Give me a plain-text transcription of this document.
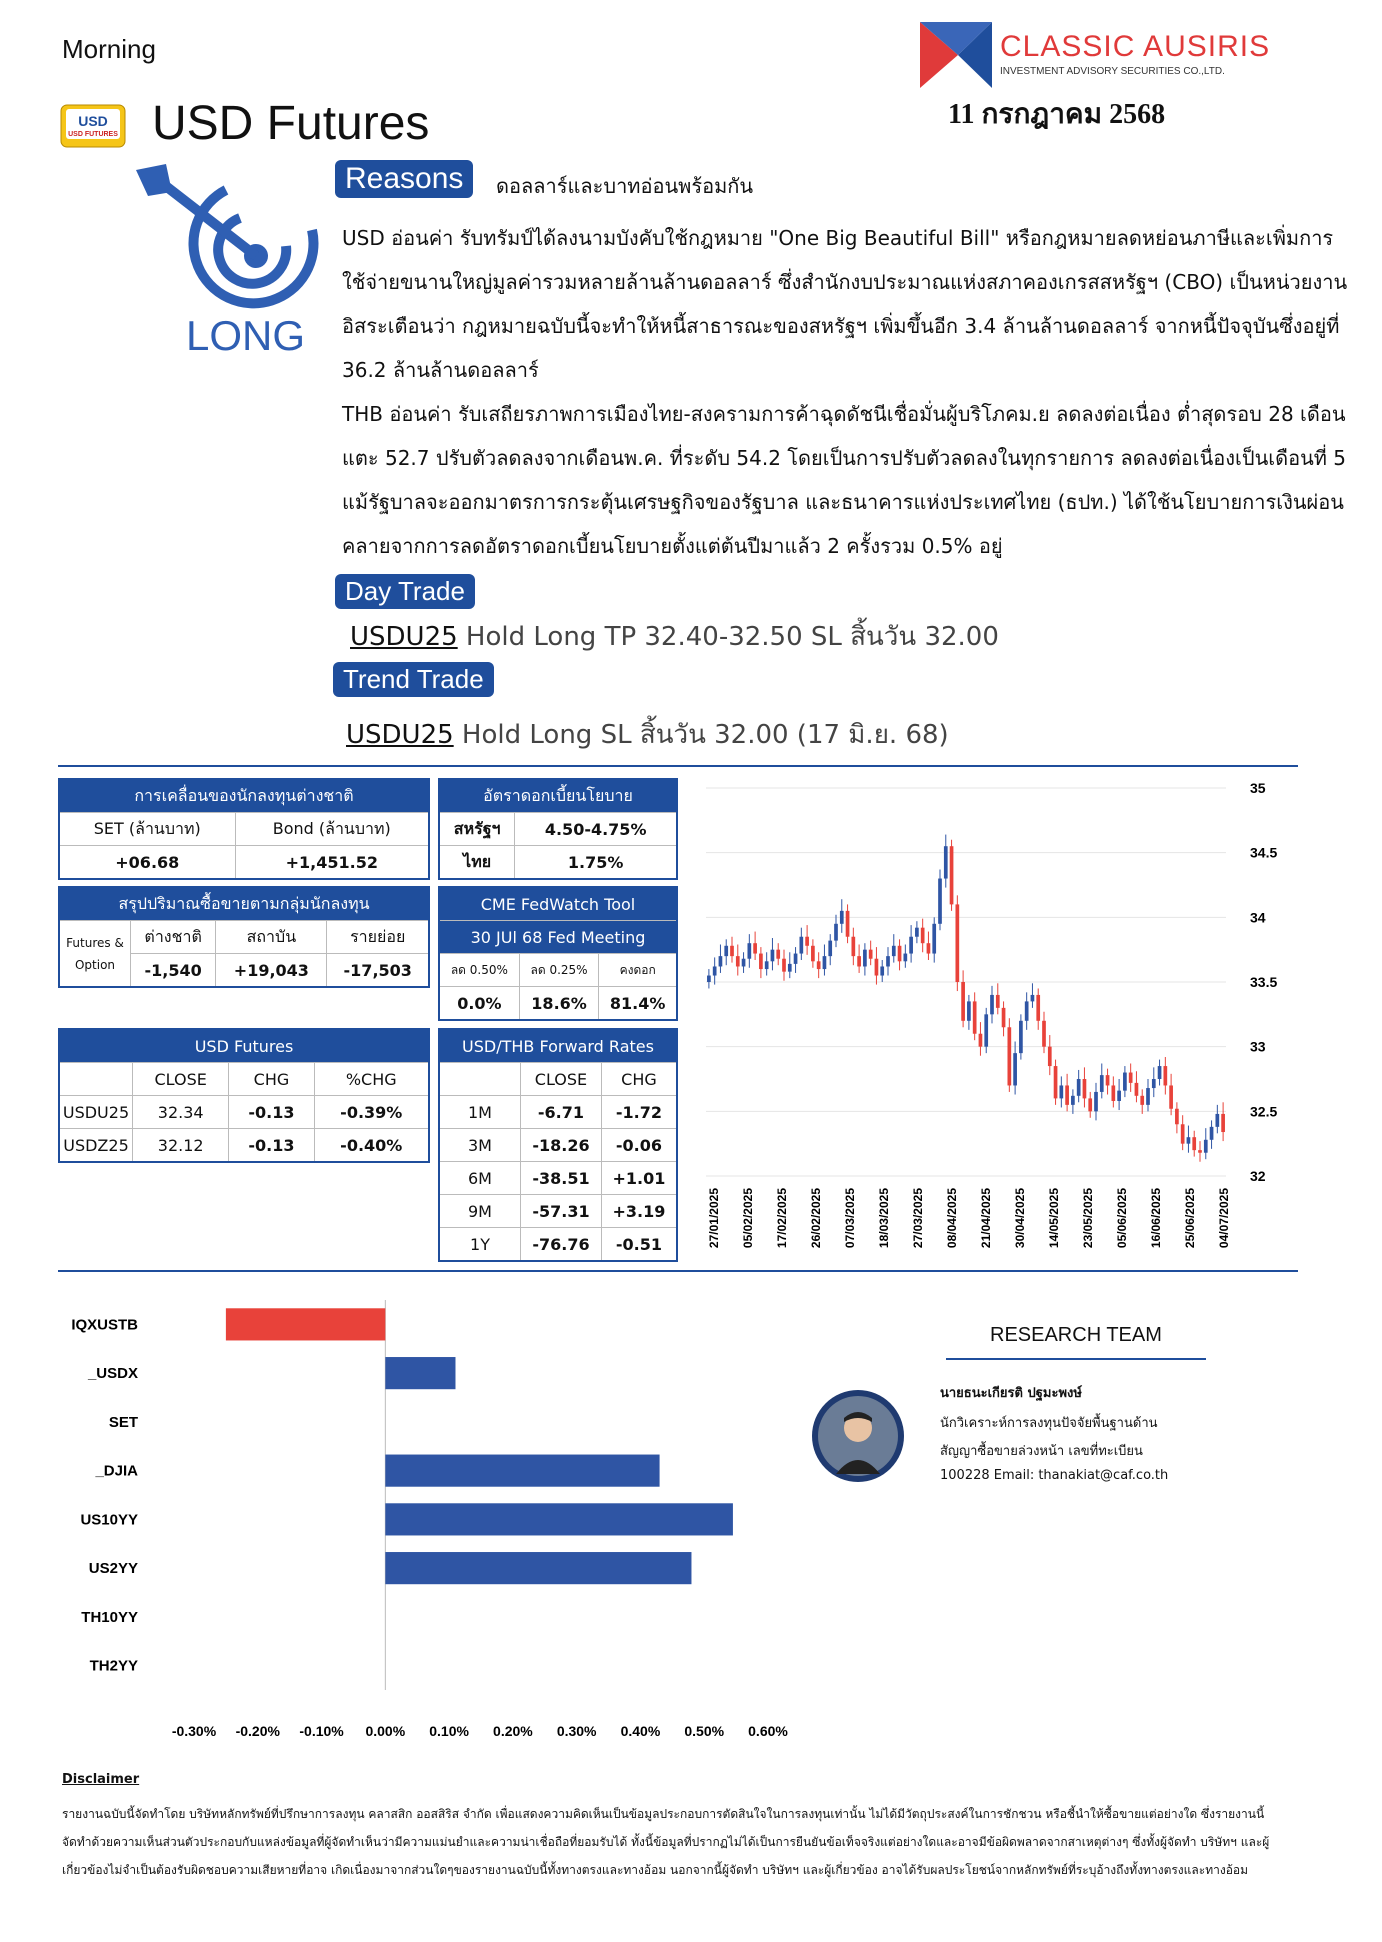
Morning	CLASSIC AUSIRIS
INVESTMENT ADVISORY SECURITIES CO.,LTD.
11 กรกฎาคม 2568
USD
USD FUTURES USD Futures
LONG
Reasons	ดอลลาร์และบาทอ่อนพร้อมกัน
USD อ่อนค่า รับทรัมป์ได้ลงนามบังคับใช้กฎหมาย "One Big Beautiful Bill" หรือกฎหมายลดหย่อนภาษีและเพิ่มการใช้จ่ายขนานใหญ่มูลค่ารวมหลายล้านล้านดอลลาร์ ซึ่งสำนักงบประมาณแห่งสภาคองเกรสสหรัฐฯ (CBO) เป็นหน่วยงานอิสระเตือนว่า กฎหมายฉบับนี้จะทำให้หนี้สาธารณะของสหรัฐฯ เพิ่มขึ้นอีก 3.4 ล้านล้านดอลลาร์ จากหนี้ปัจจุบันซึ่งอยู่ที่ 36.2 ล้านล้านดอลลาร์
THB อ่อนค่า รับเสถียรภาพการเมืองไทย-สงครามการค้าฉุดดัชนีเชื่อมั่นผู้บริโภคม.ย ลดลงต่อเนื่อง ต่ำสุดรอบ 28 เดือน แตะ 52.7 ปรับตัวลดลงจากเดือนพ.ค. ที่ระดับ 54.2 โดยเป็นการปรับตัวลดลงในทุกรายการ ลดลงต่อเนื่องเป็นเดือนที่ 5 แม้รัฐบาลจะออกมาตรการกระตุ้นเศรษฐกิจของรัฐบาล และธนาคารแห่งประเทศไทย (ธปท.) ได้ใช้นโยบายการเงินผ่อนคลายจากการลดอัตราดอกเบี้ยนโยบายตั้งแต่ต้นปีมาแล้ว 2 ครั้งรวม 0.5% อยู่
Day Trade
USDU25 Hold Long TP 32.40-32.50 SL สิ้นวัน 32.00
Trend Trade
USDU25 Hold Long SL สิ้นวัน 32.00 (17 มิ.ย. 68)
การเคลื่อนของนักลงทุนต่างชาติ	
SET (ล้านบาท)	Bond (ล้านบาท)
+06.68	+1,451.52
อัตราดอกเบี้ยนโยบาย	
สหรัฐฯ	4.50-4.75%
ไทย	1.75%
สรุปปริมาณซื้อขายตามกลุ่มนักลงทุน			

Futures &
Option	ต่างชาติ	สถาบัน	รายย่อย
	-1,540	+19,043	-17,503
CME FedWatch Tool		
30 JUl 68 Fed Meeting		
ลด 0.50%	ลด 0.25%	คงดอก
0.0%	18.6%	81.4%
USD Futures			
	CLOSE	CHG	%CHG
USDU25	32.34	-0.13	-0.39%
USDZ25	32.12	-0.13	-0.40%
USD/THB Forward Rates		
	CLOSE	CHG
1M	-6.71	-1.72
3M	-18.26	-0.06
6M	-38.51	+1.01
9M	-57.31	+3.19
1Y	-76.76	-0.51
35
34.5
34
33.5
33
32.5
32
27/01/2025 05/02/2025 17/02/2025 26/02/2025 07/03/2025 18/03/2025 27/03/2025 08/04/2025 21/04/2025 30/04/2025 14/05/2025 23/05/2025 05/06/2025 16/06/2025 25/06/2025 04/07/2025
IQXUSTB
_USDX
SET
_DJIA
US10YY
US2YY
TH10YY
TH2YY
-0.30% -0.20% -0.10% 0.00% 0.10% 0.20% 0.30% 0.40% 0.50% 0.60%
RESEARCH TEAM
นายธนะเกียรติ ปฐมะพงษ์
นักวิเคราะห์การลงทุนปัจจัยพื้นฐานด้าน
สัญญาซื้อขายล่วงหน้า เลขที่ทะเบียน
100228 Email: thanakiat@caf.co.th
Disclaimer
รายงานฉบับนี้จัดทำโดย บริษัทหลักทรัพย์ที่ปรึกษาการลงทุน คลาสสิก ออสสิริส จำกัด เพื่อแสดงความคิดเห็นเป็นข้อมูลประกอบการตัดสินใจในการลงทุนเท่านั้น ไม่ได้มีวัตถุประสงค์ในการชักชวน หรือชี้นำให้ซื้อขายแต่อย่างใด ซึ่งรายงานนี้ จัดทำด้วยความเห็นส่วนตัวประกอบกับแหล่งข้อมูลที่ผู้จัดทำเห็นว่ามีความแม่นยำและความน่าเชื่อถือที่ยอมรับได้ ทั้งนี้ข้อมูลที่ปรากฏไม่ได้เป็นการยืนยันข้อเท็จจริงแต่อย่างใดและอาจมีข้อผิดพลาดจากสาเหตุต่างๆ ซึ่งทั้งผู้จัดทำ บริษัทฯ และผู้เกี่ยวข้องไม่จำเป็นต้องรับผิดชอบความเสียหายที่อาจ เกิดเนื่องมาจากส่วนใดๆของรายงานฉบับนี้ทั้งทางตรงและทางอ้อม นอกจากนี้ผู้จัดทำ บริษัทฯ และผู้เกี่ยวข้อง อาจได้รับผลประโยชน์จากหลักทรัพย์ที่ระบุอ้างถึงทั้งทางตรงและทางอ้อม
